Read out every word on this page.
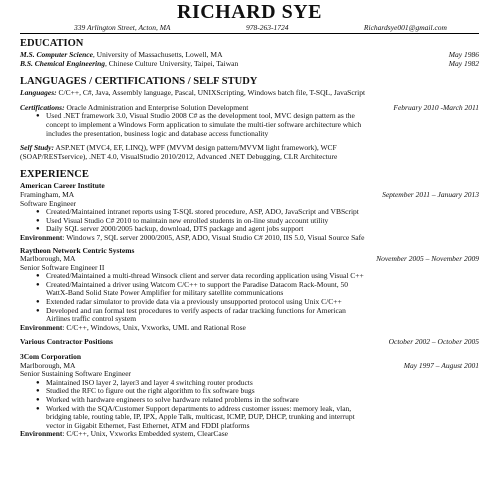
RICHARD SYE
339 Arlington Street, Acton, MA	978-263-1724	Richardsye001@gmail.com
EDUCATION
M.S. Computer Science, University of Massachusetts, Lowell, MA	May 1986
B.S. Chemical Engineering, Chinese Culture University, Taipei, Taiwan	May 1982
LANGUAGES / CERTIFICATIONS / SELF STUDY
Languages: C/C++, C#, Java, Assembly language, Pascal, UNIXScripting, Windows batch file, T-SQL, JavaScript
Certifications: Oracle Administration and Enterprise Solution Development	February 2010 -March 2011
● Used .NET framework 3.0, Visual Studio 2008 C# as the development tool, MVC design pattern as the
concept to implement a Windows Form application to simulate the multi-tier software architecture which
includes the presentation, business logic and database access functionality
Self Study: ASP.NET (MVC4, EF, LINQ), WPF (MVVM design pattern/MVVM light framework), WCF
(SOAP/RESTservice), .NET 4.0, VisualStudio 2010/2012, Advanced .NET Debugging, CLR Architecture
EXPERIENCE
American Career Institute
Framingham, MA	September 2011 – January 2013
Software Engineer
● Created/Maintained intranet reports using T-SQL stored procedure, ASP, ADO, JavaScript and VBScript
● Used Visual Studio C# 2010 to maintain new enrolled students in on-line study account utility
● Daily SQL server 2000/2005 backup, download, DTS package and agent jobs support
Environment: Windows 7, SQL server 2000/2005, ASP, ADO, Visual Studio C# 2010, IIS 5.0, Visual Source Safe
Raytheon Network Centric Systems
Marlborough, MA	November 2005 – November 2009
Senior Software Engineer II
● Created/Maintained a multi-thread Winsock client and server data recording application using Visual C++
● Created/Maintained a driver using Watcom C/C++ to support the Paradise Datacom Rack-Mount, 50
WattX-Band Solid State Power Amplifier for military satellite communications
● Extended radar simulator to provide data via a previously unsupported protocol using Unix C/C++
● Developed and ran formal test procedures to verify aspects of radar tracking functions for American
Airlines traffic control system
Environment: C/C++, Windows, Unix, Vxworks, UML and Rational Rose
Various Contractor Positions	October 2002 – October 2005
3Com Corporation
Marlborough, MA	May 1997 – August 2001
Senior Sustaining Software Engineer
● Maintained ISO layer 2, layer3 and layer 4 switching router products
● Studied the RFC to figure out the right algorithm to fix software bugs
● Worked with hardware engineers to solve hardware related problems in the software
● Worked with the SQA/Customer Support departments to address customer issues: memory leak, vlan,
bridging table, routing table, IP, IPX, Apple Talk, multicast, ICMP, DUP, DHCP, trunking and interrupt
vector in Gigabit Ethernet, Fast Ethernet, ATM and FDDI platforms
Environment: C/C++, Unix, Vxworks Embedded system, ClearCase
